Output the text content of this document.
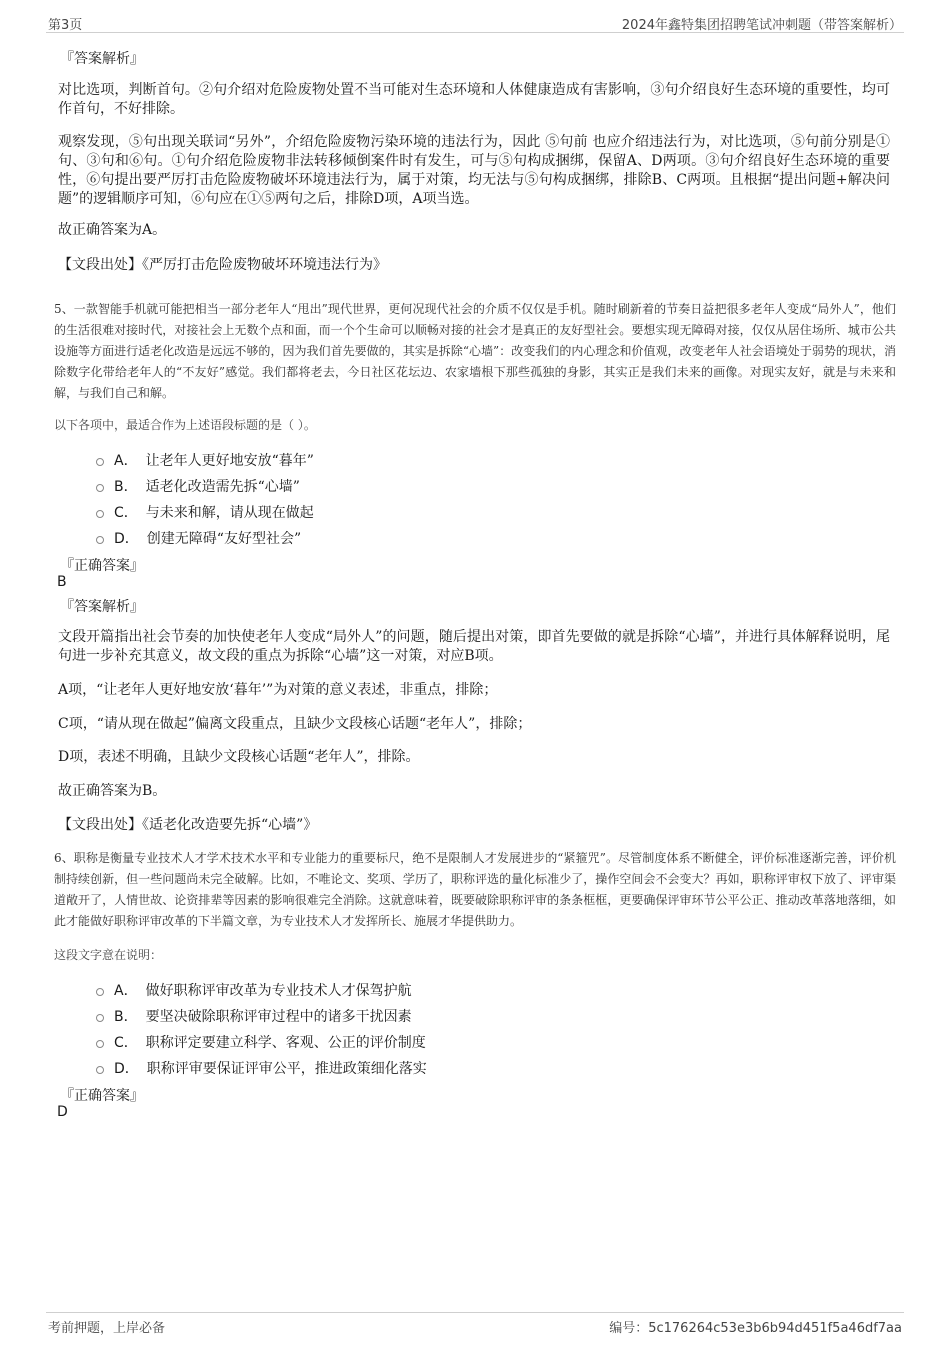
第3页	2024年鑫特集团招聘笔试冲刺题（带答案解析）
『答案解析』
对比选项，判断首句。②句介绍对危险废物处置不当可能对生态环境和人体健康造成有害影响，③句介绍良好生态环境的重要性，均可作首句，不好排除。
观察发现，⑤句出现关联词“另外”，介绍危险废物污染环境的违法行为，因此 ⑤句前 也应介绍违法行为，对比选项，⑤句前分别是①句、③句和⑥句。①句介绍危险废物非法转移倾倒案件时有发生，可与⑤句构成捆绑，保留A、D两项。③句介绍良好生态环境的重要性，⑥句提出要严厉打击危险废物破坏环境违法行为，属于对策，均无法与⑤句构成捆绑，排除B、C两项。且根据“提出问题+解决问题”的逻辑顺序可知，⑥句应在①⑤两句之后，排除D项，A项当选。
故正确答案为A。
【文段出处】《严厉打击危险废物破坏环境违法行为》
5、一款智能手机就可能把相当一部分老年人“甩出”现代世界，更何况现代社会的介质不仅仅是手机。随时刷新着的节奏日益把很多老年人变成“局外人”，他们的生活很难对接时代，对接社会上无数个点和面，而一个个生命可以顺畅对接的社会才是真正的友好型社会。要想实现无障碍对接，仅仅从居住场所、城市公共设施等方面进行适老化改造是远远不够的，因为我们首先要做的，其实是拆除“心墙”：改变我们的内心理念和价值观，改变老年人社会语境处于弱势的现状，消除数字化带给老年人的“不友好”感觉。我们都将老去，今日社区花坛边、农家墙根下那些孤独的身影，其实正是我们未来的画像。对现实友好，就是与未来和解，与我们自己和解。
以下各项中，最适合作为上述语段标题的是（ ）。
A． 让老年人更好地安放“暮年”
B． 适老化改造需先拆“心墙”
C． 与未来和解，请从现在做起
D． 创建无障碍“友好型社会”
『正确答案』
B
『答案解析』
文段开篇指出社会节奏的加快使老年人变成“局外人”的问题，随后提出对策，即首先要做的就是拆除“心墙”，并进行具体解释说明，尾句进一步补充其意义，故文段的重点为拆除“心墙”这一对策，对应B项。
A项，“让老年人更好地安放‘暮年’”为对策的意义表述，非重点，排除；
C项，“请从现在做起”偏离文段重点，且缺少文段核心话题“老年人”，排除；
D项，表述不明确，且缺少文段核心话题“老年人”，排除。
故正确答案为B。
【文段出处】《适老化改造要先拆“心墙”》
6、职称是衡量专业技术人才学术技术水平和专业能力的重要标尺，绝不是限制人才发展进步的“紧箍咒”。尽管制度体系不断健全，评价标准逐渐完善，评价机制持续创新，但一些问题尚未完全破解。比如，不唯论文、奖项、学历了，职称评选的量化标准少了，操作空间会不会变大？再如，职称评审权下放了、评审渠道敞开了，人情世故、论资排辈等因素的影响很难完全消除。这就意味着，既要破除职称评审的条条框框，更要确保评审环节公平公正、推动改革落地落细，如此才能做好职称评审改革的下半篇文章，为专业技术人才发挥所长、施展才华提供助力。
这段文字意在说明：
A． 做好职称评审改革为专业技术人才保驾护航
B． 要坚决破除职称评审过程中的诸多干扰因素
C． 职称评定要建立科学、客观、公正的评价制度
D． 职称评审要保证评审公平，推进政策细化落实
『正确答案』
D
考前押题，上岸必备	编号：5c176264c53e3b6b94d451f5a46df7aa
